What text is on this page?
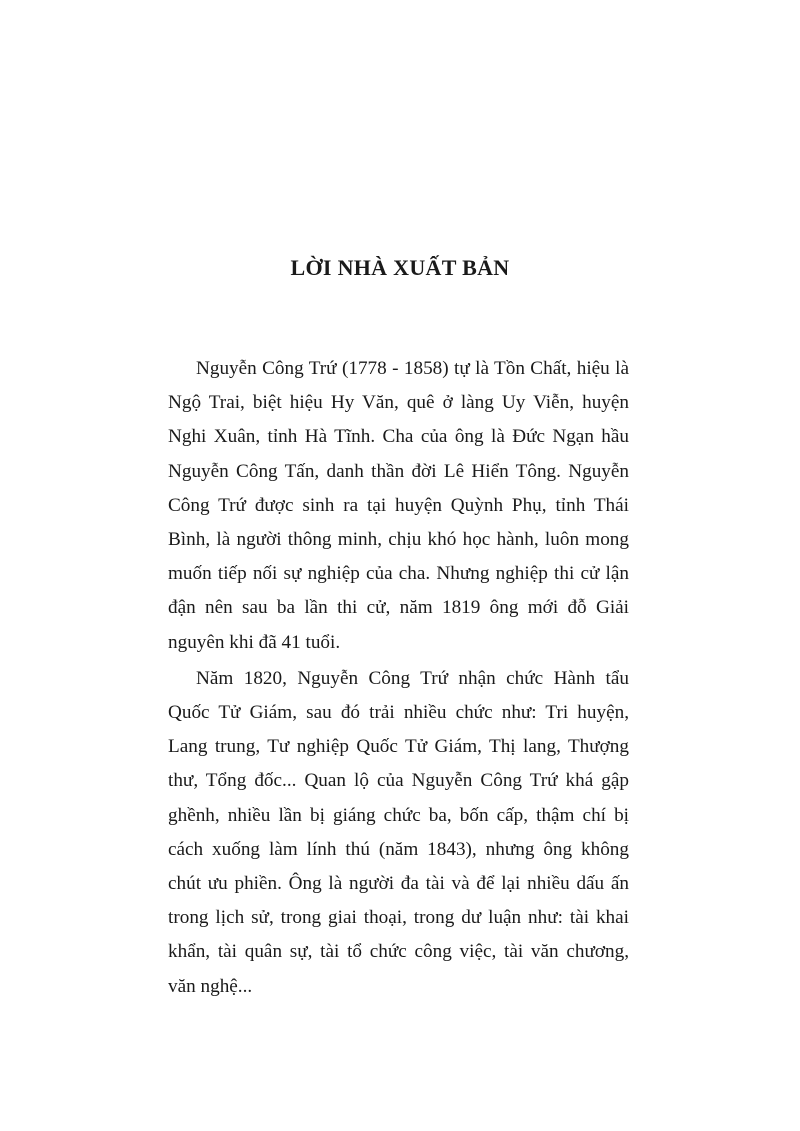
LỜI NHÀ XUẤT BẢN

Nguyễn Công Trứ (1778 - 1858) tự là Tồn Chất, hiệu là Ngộ Trai, biệt hiệu Hy Văn, quê ở làng Uy Viễn, huyện Nghi Xuân, tỉnh Hà Tĩnh. Cha của ông là Đức Ngạn hầu Nguyễn Công Tấn, danh thần đời Lê Hiển Tông. Nguyễn Công Trứ được sinh ra tại huyện Quỳnh Phụ, tỉnh Thái Bình, là người thông minh, chịu khó học hành, luôn mong muốn tiếp nối sự nghiệp của cha. Nhưng nghiệp thi cử lận đận nên sau ba lần thi cử, năm 1819 ông mới đỗ Giải nguyên khi đã 41 tuổi.

Năm 1820, Nguyễn Công Trứ nhận chức Hành tẩu Quốc Tử Giám, sau đó trải nhiều chức như: Tri huyện, Lang trung, Tư nghiệp Quốc Tử Giám, Thị lang, Thượng thư, Tổng đốc... Quan lộ của Nguyễn Công Trứ khá gập ghềnh, nhiều lần bị giáng chức ba, bốn cấp, thậm chí bị cách xuống làm lính thú (năm 1843), nhưng ông không chút ưu phiền. Ông là người đa tài và để lại nhiều dấu ấn trong lịch sử, trong giai thoại, trong dư luận như: tài khai khẩn, tài quân sự, tài tổ chức công việc, tài văn chương, văn nghệ...
